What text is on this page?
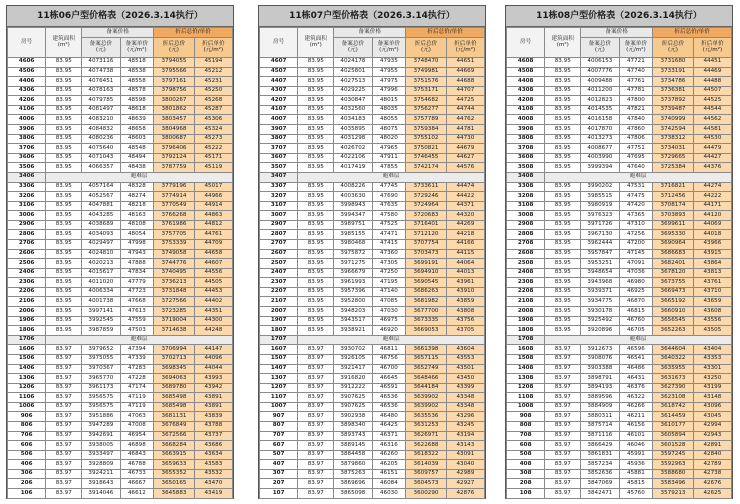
11栋06户型价格表（2026.3.14执行）
房号	建筑面积
(m²)	备案价格		折后总价/单价	
		备案总价
(元)	备案单价
(元/m²)	折后总价
(元)	折后单价
(元/m²)
4606	83.95	4073116	48518	3794055	45194
4506	83.95	4074738	48538	3795566	45212
4406	83.95	4076451	48558	3797161	45231
4306	83.95	4078163	48578	3798756	45250
4206	83.95	4079785	48598	3800267	45268
4106	83.95	4081497	48618	3801862	45287
4006	83.95	4083210	48639	3803457	45306
3906	83.95	4084832	48658	3804968	45324
3806	83.95	4080236	48603	3800687	45273
3706	83.95	4075640	48548	3796406	45222
3606	83.95	4071043	48494	3792124	45171
3506	83.95	4066357	48438	3787759	45119
3406	避难层				
3306	83.95	4057164	48328	3779196	45017
3206	83.95	4052567	48274	3774914	44966
3106	83.95	4047881	48218	3770549	44914
3006	83.95	4043285	48163	3766268	44863
2906	83.95	4038689	48108	3761986	44812
2806	83.95	4034093	48054	3757705	44761
2706	83.95	4029497	47998	3753339	44709
2606	83.95	4024810	47943	3749058	44658
2506	83.95	4020213	47888	3744776	44607
2406	83.95	4015617	47834	3740495	44556
2306	83.95	4011020	47779	3736213	44505
2206	83.95	4006334	47723	3731848	44453
2106	83.95	4001738	47668	3727566	44402
2006	83.95	3997141	47613	3723285	44351
1906	83.95	3992545	47559	3719004	44300
1806	83.95	3987859	47503	3714638	44248
1706	避难层				
1606	83.97	3979652	47394	3706994	44147
1506	83.97	3975055	47339	3702713	44096
1406	83.97	3970367	47283	3698345	44044
1306	83.97	3965770	47228	3694063	43993
1206	83.97	3961173	47174	3689780	43942
1106	83.97	3956575	47119	3685498	43891
1006	83.97	3956575	47119	3685498	43891
906	83.97	3951886	47063	3681131	43839
806	83.97	3947289	47008	3676849	43788
706	83.97	3942691	46954	3672566	43737
606	83.97	3938005	46898	3668284	43686
506	83.97	3933497	46843	3663915	43634
406	83.97	3928809	46788	3659633	43583
306	83.97	3924211	46733	3655352	43532
206	83.97	3918643	46667	3650165	43470
106	83.97	3914046	46612	3645883	43419
11栋07户型价格表（2026.3.14执行）
房号	建筑面积
(m²)	备案价格		折后总价/单价	
		备案总价
(元)	备案单价
(元/m²)	折后总价
(元)	折后单价
(元/m²)
4607	83.95	4024178	47935	3748470	44651
4507	83.95	4025801	47955	3749981	44669
4407	83.95	4027513	47975	3751576	44688
4307	83.95	4029225	47996	3753171	44707
4207	83.95	4030847	48015	3754682	44725
4107	83.95	4032560	48035	3756277	44744
4007	83.95	4034183	48055	3757789	44762
3907	83.95	4035895	48075	3759384	44781
3807	83.95	4031298	48020	3755102	44730
3707	83.95	4026702	47965	3750821	44679
3607	83.95	4022106	47911	3746455	44627
3507	83.95	4017419	47855	3742174	44576
3407	避难层				
3307	83.95	4008226	47745	3733611	44474
3207	83.95	4003630	47690	3729246	44422
3107	83.95	3998943	47635	3724964	44371
3007	83.95	3994347	47580	3720683	44320
2907	83.95	3989751	47525	3716401	44269
2807	83.95	3985155	47471	3712120	44218
2707	83.95	3980468	47415	3707754	44166
2607	83.95	3975872	47360	3703473	44115
2507	83.95	3971275	47305	3699191	44064
2407	83.95	3966679	47250	3694910	44013
2307	83.95	3961993	47195	3690545	43961
2207	83.95	3957396	47140	3686263	43910
2107	83.95	3952800	47085	3681982	43859
2007	83.95	3948203	47030	3677700	43808
1907	83.95	3943517	46975	3673335	43756
1807	83.95	3938921	46920	3669053	43705
1707	避难层				
1607	83.97	3930702	46811	3661398	43604
1507	83.97	3926105	46756	3657115	43553
1407	83.97	3921417	46700	3652749	43501
1307	83.97	3916820	46645	3648466	43450
1207	83.97	3912222	46591	3644184	43399
1107	83.97	3907625	46536	3639902	43348
1007	83.97	3907625	46536	3639902	43348
907	83.97	3902938	46480	3635536	43296
807	83.97	3898340	46425	3631253	43245
707	83.97	3893743	46371	3626971	43194
607	83.97	3889145	46316	3622688	43143
507	83.97	3884458	46260	3618322	43091
407	83.97	3879860	46205	3614039	43040
307	83.97	3875263	46151	3609757	42989
207	83.97	3869696	46084	3604573	42927
107	83.97	3865098	46030	3600290	42876
11栋08户型价格表（2026.3.14执行）
房号	建筑面积
(m²)	备案价格		折后总价/单价	
		备案总价
(元)	备案单价
(元/m²)	折后总价
(元)	折后单价
(元/m²)
4608	83.95	4006153	47721	3731680	44451
4508	83.95	4007776	47740	3733191	44469
4408	83.95	4009488	47761	3734786	44488
4308	83.95	4011200	47781	3736381	44507
4208	83.95	4012823	47800	3737892	44525
4108	83.95	4014535	47821	3739487	44544
4008	83.95	4016158	47840	3740999	44562
3908	83.95	4017870	47860	3742594	44581
3808	83.95	4013273	47806	3738312	44530
3708	83.95	4008677	47751	3734031	44479
3608	83.95	4003990	47695	3729665	44427
3508	83.95	3999394	47640	3725384	44376
3408	避难层				
3308	83.95	3990202	47531	3716821	44274
3208	83.95	3985515	47475	3712456	44222
3108	83.95	3980919	47420	3708174	44171
3008	83.95	3976323	47365	3703893	44120
2908	83.95	3971726	47310	3699611	44069
2808	83.95	3967130	47256	3695330	44018
2708	83.95	3962444	47200	3690964	43966
2608	83.95	3957847	47145	3686683	43915
2508	83.95	3953251	47091	3682401	43864
2408	83.95	3948654	47036	3678120	43813
2308	83.95	3943968	46980	3673755	43761
2208	83.95	3939371	46925	3669473	43710
2108	83.95	3934775	46870	3665192	43659
2008	83.95	3930178	46815	3660910	43608
1908	83.95	3925492	46760	3656545	43556
1808	83.95	3920896	46705	3652263	43505
1708	避难层				
1608	83.97	3912673	46596	3644604	43404
1508	83.97	3908076	46541	3640322	43353
1408	83.97	3903388	46486	3635955	43301
1308	83.97	3898791	46431	3631673	43250
1208	83.97	3894193	46376	3627390	43199
1108	83.97	3889596	46322	3623108	43148
1008	83.97	3884909	46266	3618742	43096
908	83.97	3880311	46211	3614459	43045
808	83.97	3875714	46156	3610177	42994
708	83.97	3871116	46101	3605894	42943
608	83.97	3866429	46046	3601528	42891
508	83.97	3861831	45991	3597245	42840
408	83.97	3857234	45936	3592963	42789
308	83.97	3852636	45881	3588680	42738
208	83.97	3847069	45815	3583496	42676
108	83.97	3842471	45760	3579213	42625
